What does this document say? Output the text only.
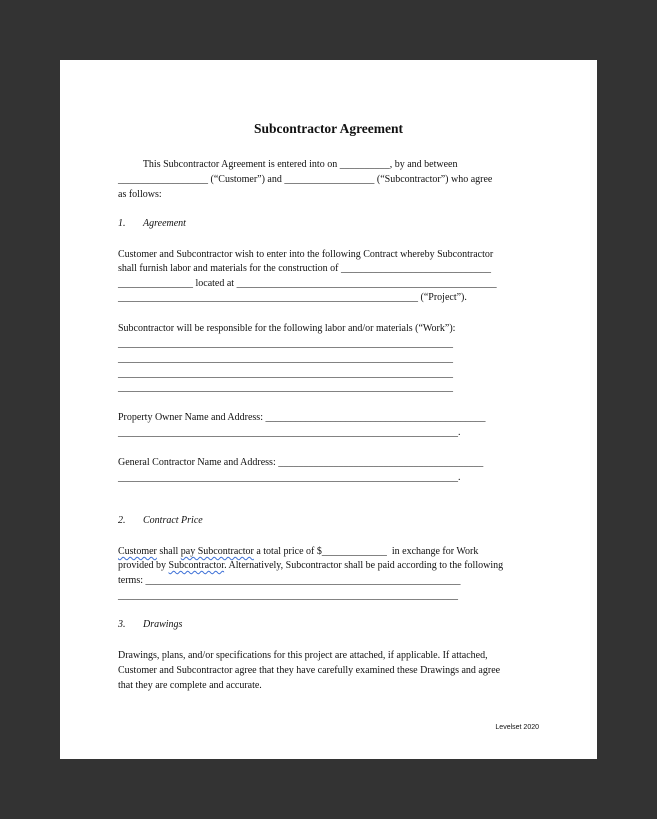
Subcontractor Agreement
This Subcontractor Agreement is entered into on __________, by and between
__________________ (“Customer”) and __________________ (“Subcontractor”) who agree
as follows:
1. Agreement
Customer and Subcontractor wish to enter into the following Contract whereby Subcontractor
shall furnish labor and materials for the construction of ______________________________
_______________ located at ____________________________________________________
____________________________________________________________ (“Project”).
Subcontractor will be responsible for the following labor and/or materials (“Work”):
___________________________________________________________________
___________________________________________________________________
___________________________________________________________________
___________________________________________________________________
Property Owner Name and Address: ____________________________________________
____________________________________________________________________.
General Contractor Name and Address: _________________________________________
____________________________________________________________________.
2. Contract Price
Customer shall pay Subcontractor a total price of $_____________  in exchange for Work
provided by Subcontractor. Alternatively, Subcontractor shall be paid according to the following
terms: _______________________________________________________________
____________________________________________________________________
3. Drawings
Drawings, plans, and/or specifications for this project are attached, if applicable. If attached,
Customer and Subcontractor agree that they have carefully examined these Drawings and agree
that they are complete and accurate.
Levelset 2020
